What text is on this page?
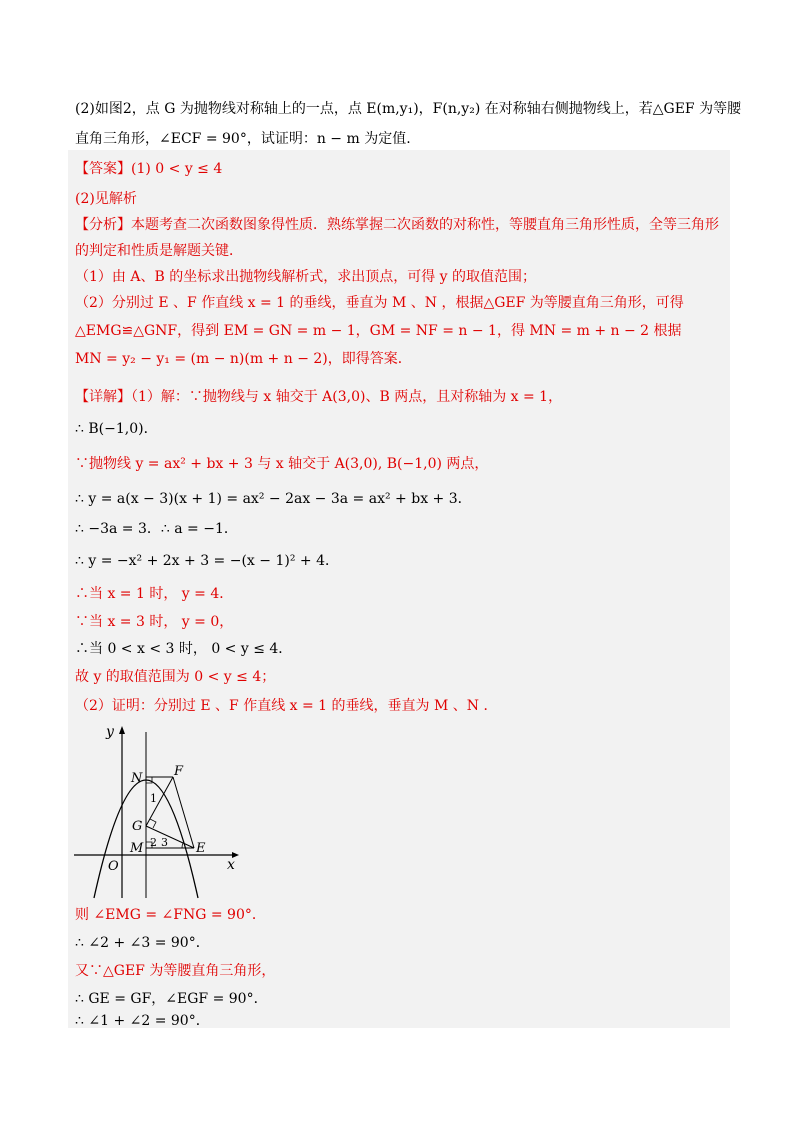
(2)如图2，点 G 为抛物线对称轴上的一点，点 E(m,y₁)，F(n,y₂) 在对称轴右侧抛物线上，若△GEF 为等腰
直角三角形，∠ECF = 90°，试证明：n − m 为定值.
【答案】(1) 0 < y ≤ 4
(2)见解析
【分析】本题考查二次函数图象得性质．熟练掌握二次函数的对称性，等腰直角三角形性质，全等三角形
的判定和性质是解题关键．
（1）由 A、B 的坐标求出抛物线解析式，求出顶点，可得 y 的取值范围；
（2）分别过 E 、F 作直线 x = 1 的垂线，垂直为 M 、N ，根据△GEF 为等腰直角三角形，可得
△EMG≌△GNF，得到 EM = GN = m − 1，GM = NF = n − 1，得 MN = m + n − 2 根据
MN = y₂ − y₁ = (m − n)(m + n − 2)，即得答案．
【详解】（1）解：∵抛物线与 x 轴交于 A(3,0)、B 两点，且对称轴为 x = 1，
∴ B(−1,0)．
∵抛物线 y = ax² + bx + 3 与 x 轴交于 A(3,0), B(−1,0) 两点，
∴ y = a(x − 3)(x + 1) = ax² − 2ax − 3a = ax² + bx + 3．
∴ −3a = 3．∴ a = −1．
∴ y = −x² + 2x + 3 = −(x − 1)² + 4．
∴当 x = 1 时， y = 4．
∵当 x = 3 时， y = 0，
∴当 0 < x < 3 时， 0 < y ≤ 4．
故 y 的取值范围为 0 < y ≤ 4；
（2）证明：分别过 E 、F 作直线 x = 1 的垂线，垂直为 M 、N ．
y
x
O
N F
G
M	E
1
2 3
则 ∠EMG = ∠FNG = 90°．
∴ ∠2 + ∠3 = 90°．
又∵△GEF 为等腰直角三角形，
∴ GE = GF，∠EGF = 90°．
∴ ∠1 + ∠2 = 90°．
